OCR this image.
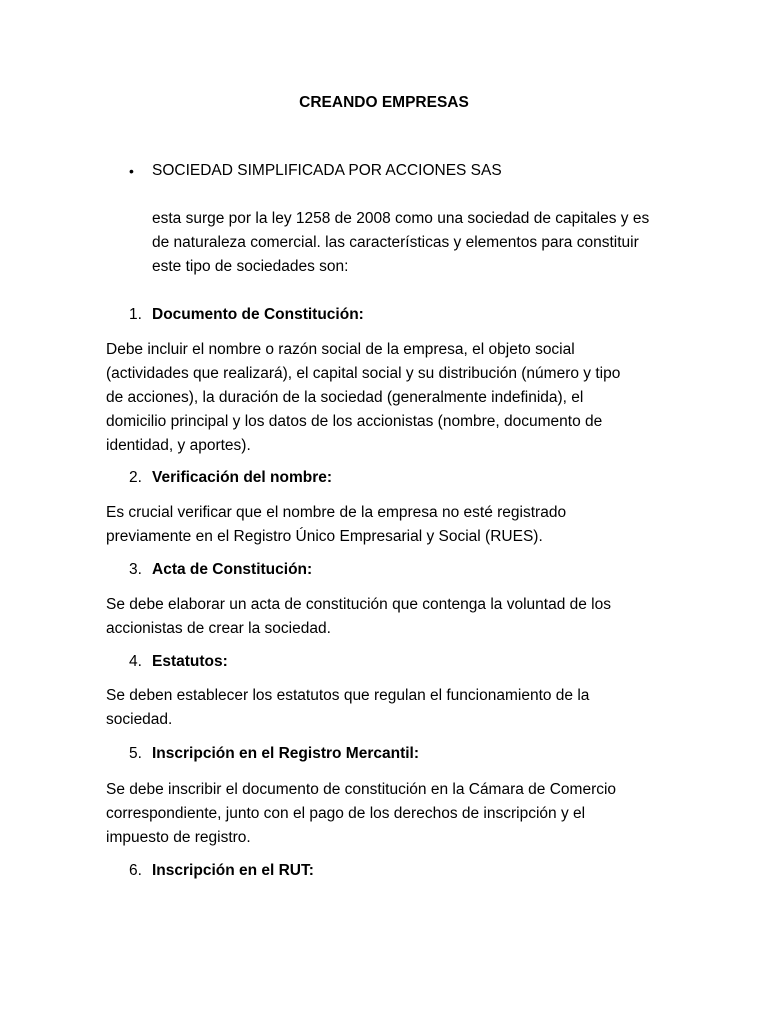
CREANDO EMPRESAS
•	SOCIEDAD SIMPLIFICADA POR ACCIONES SAS
esta surge por la ley 1258 de 2008 como una sociedad de capitales y es
de naturaleza comercial. las características y elementos para constituir
este tipo de sociedades son:
1. Documento de Constitución:
Debe incluir el nombre o razón social de la empresa, el objeto social
(actividades que realizará), el capital social y su distribución (número y tipo
de acciones), la duración de la sociedad (generalmente indefinida), el
domicilio principal y los datos de los accionistas (nombre, documento de
identidad, y aportes).
2. Verificación del nombre:
Es crucial verificar que el nombre de la empresa no esté registrado
previamente en el Registro Único Empresarial y Social (RUES).
3. Acta de Constitución:
Se debe elaborar un acta de constitución que contenga la voluntad de los
accionistas de crear la sociedad.
4. Estatutos:
Se deben establecer los estatutos que regulan el funcionamiento de la
sociedad.
5. Inscripción en el Registro Mercantil:
Se debe inscribir el documento de constitución en la Cámara de Comercio
correspondiente, junto con el pago de los derechos de inscripción y el
impuesto de registro.
6. Inscripción en el RUT:
